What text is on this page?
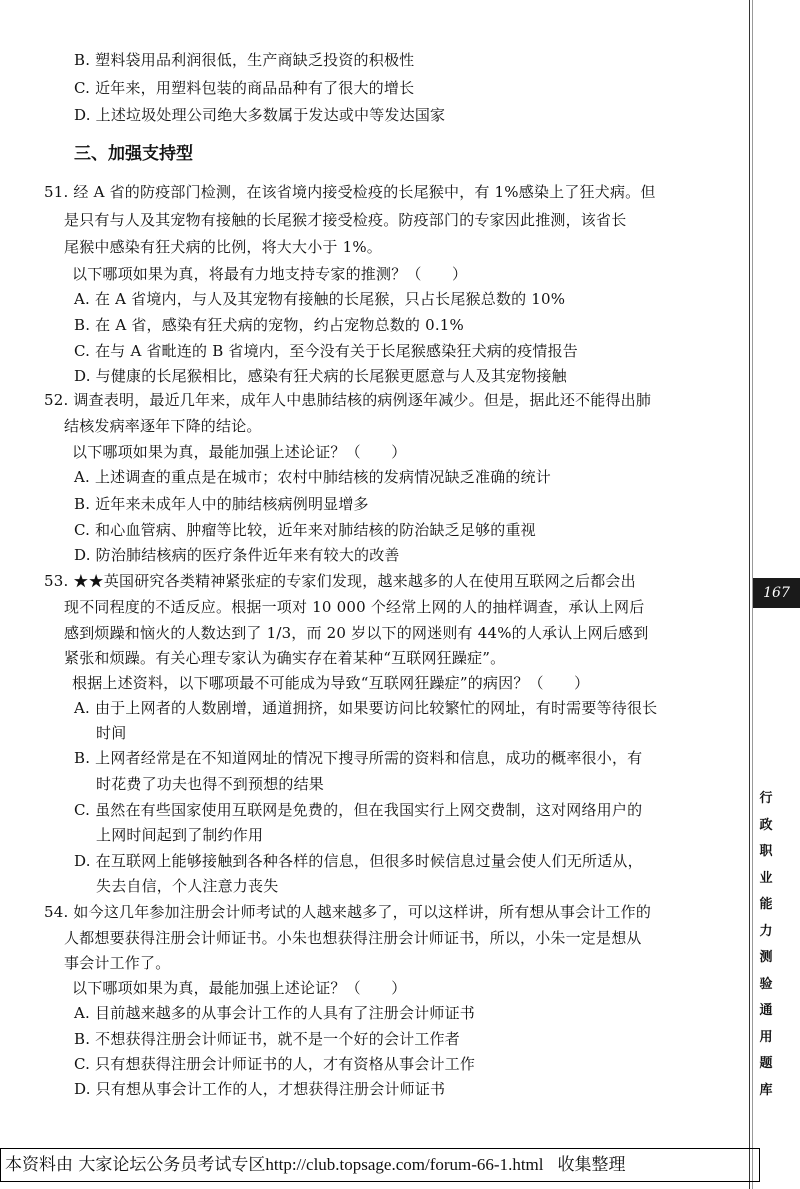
B. 塑料袋用品利润很低，生产商缺乏投资的积极性
C. 近年来，用塑料包装的商品品种有了很大的增长
D. 上述垃圾处理公司绝大多数属于发达或中等发达国家
51. 经 A 省的防疫部门检测，在该省境内接受检疫的长尾猴中，有 1%感染上了狂犬病。但
是只有与人及其宠物有接触的长尾猴才接受检疫。防疫部门的专家因此推测，该省长
尾猴中感染有狂犬病的比例，将大大小于 1%。
以下哪项如果为真，将最有力地支持专家的推测？（　　）
A. 在 A 省境内，与人及其宠物有接触的长尾猴，只占长尾猴总数的 10%
B. 在 A 省，感染有狂犬病的宠物，约占宠物总数的 0.1%
C. 在与 A 省毗连的 B 省境内，至今没有关于长尾猴感染狂犬病的疫情报告
D. 与健康的长尾猴相比，感染有狂犬病的长尾猴更愿意与人及其宠物接触
52. 调查表明，最近几年来，成年人中患肺结核的病例逐年减少。但是，据此还不能得出肺
结核发病率逐年下降的结论。
以下哪项如果为真，最能加强上述论证？（　　）
A. 上述调查的重点是在城市；农村中肺结核的发病情况缺乏准确的统计
B. 近年来未成年人中的肺结核病例明显增多
C. 和心血管病、肿瘤等比较，近年来对肺结核的防治缺乏足够的重视
D. 防治肺结核病的医疗条件近年来有较大的改善
53. ★★英国研究各类精神紧张症的专家们发现，越来越多的人在使用互联网之后都会出
现不同程度的不适反应。根据一项对 10 000 个经常上网的人的抽样调查，承认上网后
感到烦躁和恼火的人数达到了 1/3，而 20 岁以下的网迷则有 44%的人承认上网后感到
紧张和烦躁。有关心理专家认为确实存在着某种“互联网狂躁症”。
根据上述资料，以下哪项最不可能成为导致“互联网狂躁症”的病因？（　　）
A. 由于上网者的人数剧增，通道拥挤，如果要访问比较繁忙的网址，有时需要等待很长
时间
B. 上网者经常是在不知道网址的情况下搜寻所需的资料和信息，成功的概率很小，有
时花费了功夫也得不到预想的结果
C. 虽然在有些国家使用互联网是免费的，但在我国实行上网交费制，这对网络用户的
上网时间起到了制约作用
D. 在互联网上能够接触到各种各样的信息，但很多时候信息过量会使人们无所适从，
失去自信，个人注意力丧失
54. 如今这几年参加注册会计师考试的人越来越多了，可以这样讲，所有想从事会计工作的
人都想要获得注册会计师证书。小朱也想获得注册会计师证书，所以，小朱一定是想从
事会计工作了。
以下哪项如果为真，最能加强上述论证？（　　）
A. 目前越来越多的从事会计工作的人具有了注册会计师证书
B. 不想获得注册会计师证书，就不是一个好的会计工作者
C. 只有想获得注册会计师证书的人，才有资格从事会计工作
D. 只有想从事会计工作的人，才想获得注册会计师证书
三、加强支持型
167
行
政
职
业
能
力
测
验
通
用
题
库
本资料由 大家论坛公务员考试专区http://club.topsage.com/forum-66-1.html 收集整理
